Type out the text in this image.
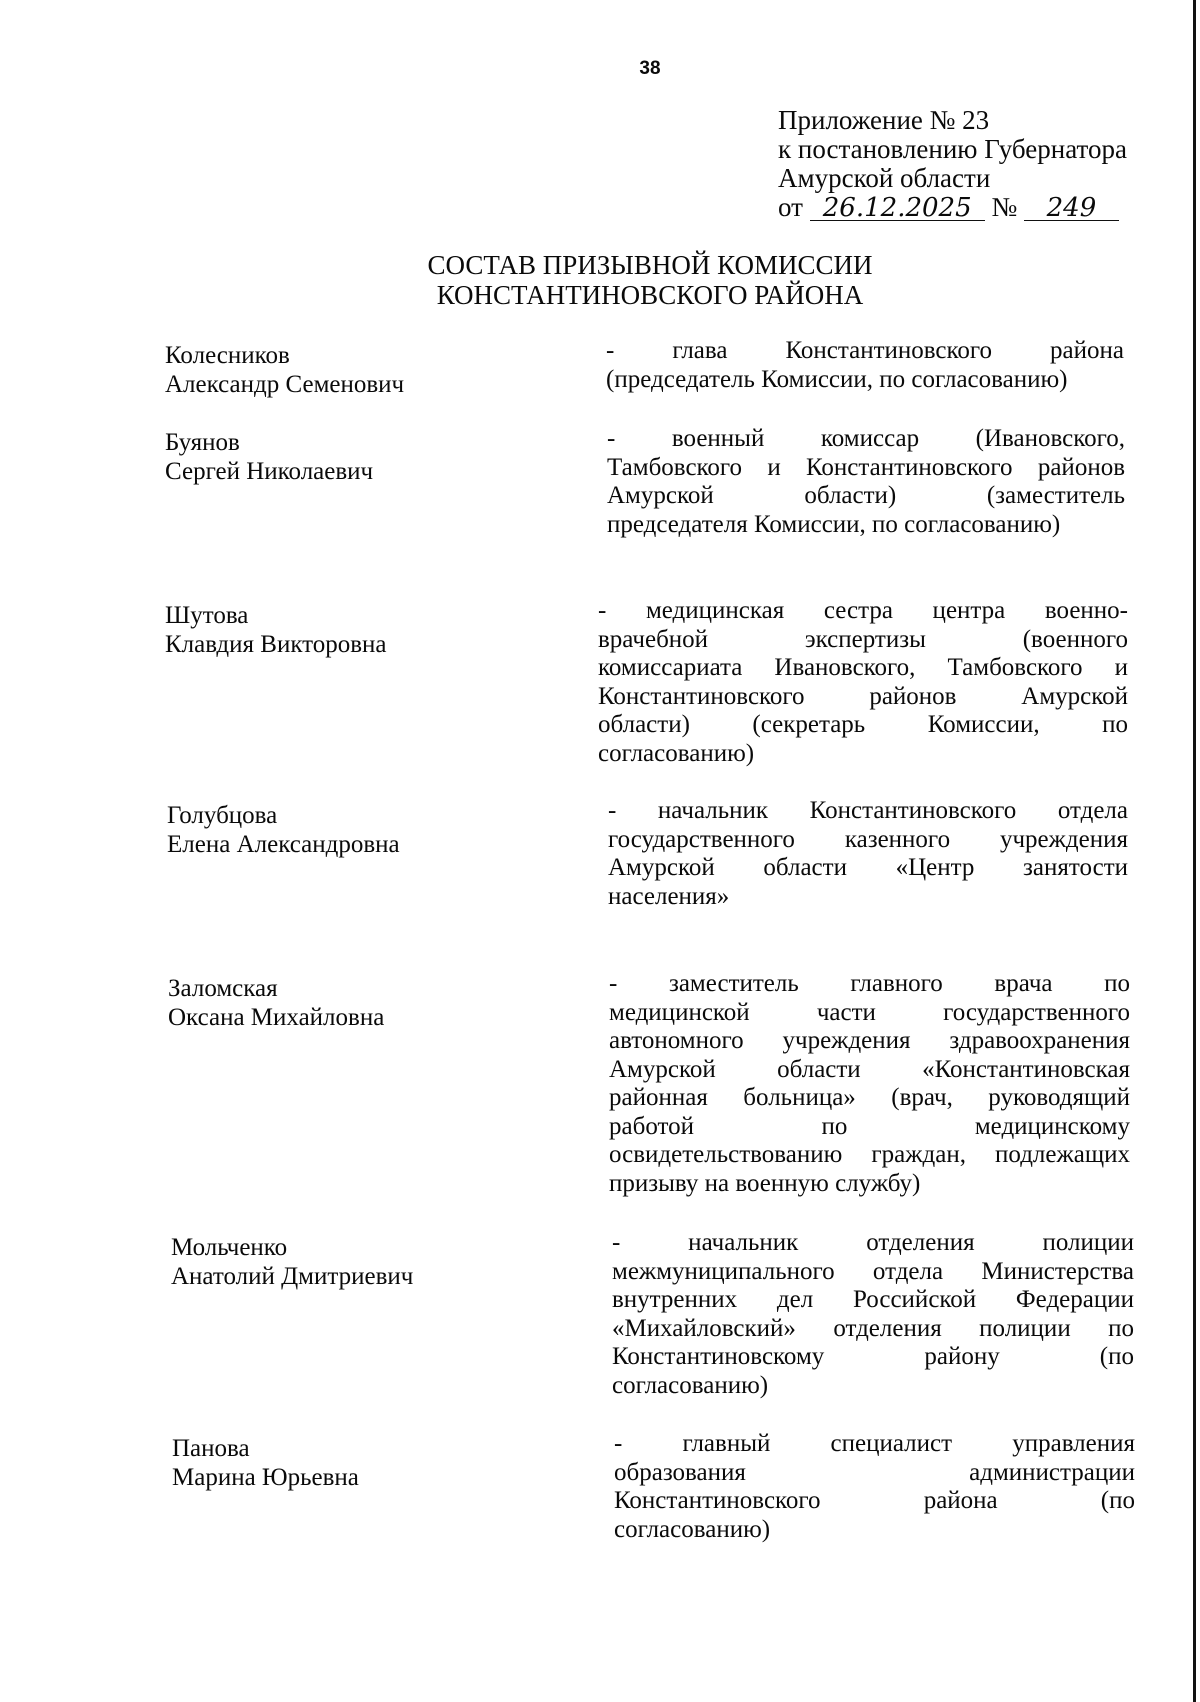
38
Приложение № 23
к постановлению Губернатора
Амурской области
от 26.12.2025 № 249
СОСТАВ ПРИЗЫВНОЙ КОМИССИИ
КОНСТАНТИНОВСКОГО РАЙОНА
Колесников
Александр Семенович
- глава Константиновского района
(председатель Комиссии, по согласованию)
Буянов
Сергей Николаевич
- военный комиссар (Ивановского,
Тамбовского и Константиновского районов
Амурской области) (заместитель
председателя Комиссии, по согласованию)
Шутова
Клавдия Викторовна
- медицинская сестра центра военно-
врачебной экспертизы (военного
комиссариата Ивановского, Тамбовского и
Константиновского районов Амурской
области) (секретарь Комиссии, по
согласованию)
Голубцова
Елена Александровна
- начальник Константиновского отдела
государственного казенного учреждения
Амурской области «Центр занятости
населения»
Заломская
Оксана Михайловна
- заместитель главного врача по
медицинской части государственного
автономного учреждения здравоохранения
Амурской области «Константиновская
районная больница» (врач, руководящий
работой по медицинскому
освидетельствованию граждан, подлежащих
призыву на военную службу)
Мольченко
Анатолий Дмитриевич
- начальник отделения полиции
межмуниципального отдела Министерства
внутренних дел Российской Федерации
«Михайловский» отделения полиции по
Константиновскому району (по
согласованию)
Панова
Марина Юрьевна
- главный специалист управления
образования администрации
Константиновского района (по
согласованию)
